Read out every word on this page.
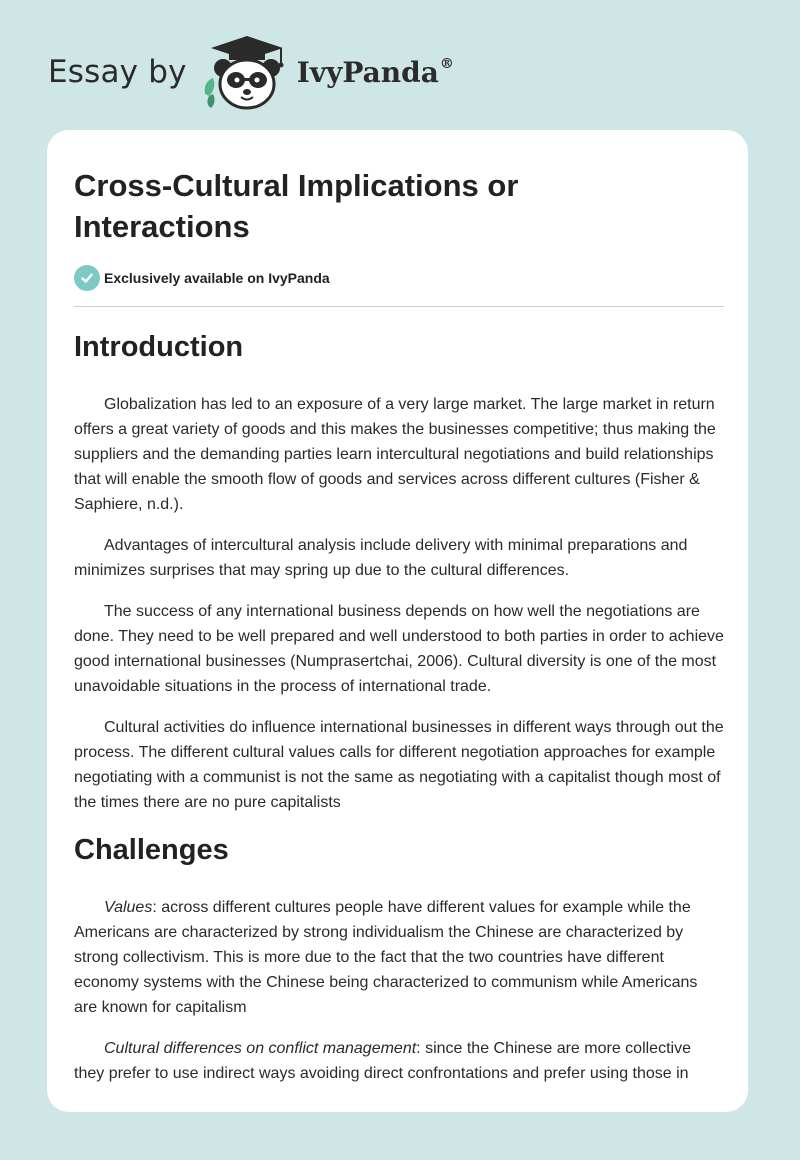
Essay by	IvyPanda®
Cross-Cultural Implications or
Interactions
Exclusively available on IvyPanda
Introduction

Globalization has led to an exposure of a very large market. The large market in return offers a great variety of goods and this makes the businesses competitive; thus making the suppliers and the demanding parties learn intercultural negotiations and build relationships that will enable the smooth flow of goods and services across different cultures (Fisher & Saphiere, n.d.).

Advantages of intercultural analysis include delivery with minimal preparations and minimizes surprises that may spring up due to the cultural differences.

The success of any international business depends on how well the negotiations are done. They need to be well prepared and well understood to both parties in order to achieve good international businesses (Numprasertchai, 2006). Cultural diversity is one of the most unavoidable situations in the process of international trade.

Cultural activities do influence international businesses in different ways through out the process. The different cultural values calls for different negotiation approaches for example negotiating with a communist is not the same as negotiating with a capitalist though most of the times there are no pure capitalists

Challenges

Values: across different cultures people have different values for example while the Americans are characterized by strong individualism the Chinese are characterized by strong collectivism. This is more due to the fact that the two countries have different economy systems with the Chinese being characterized to communism while Americans are known for capitalism

Cultural differences on conflict management: since the Chinese are more collective they prefer to use indirect ways avoiding direct confrontations and prefer using those in
